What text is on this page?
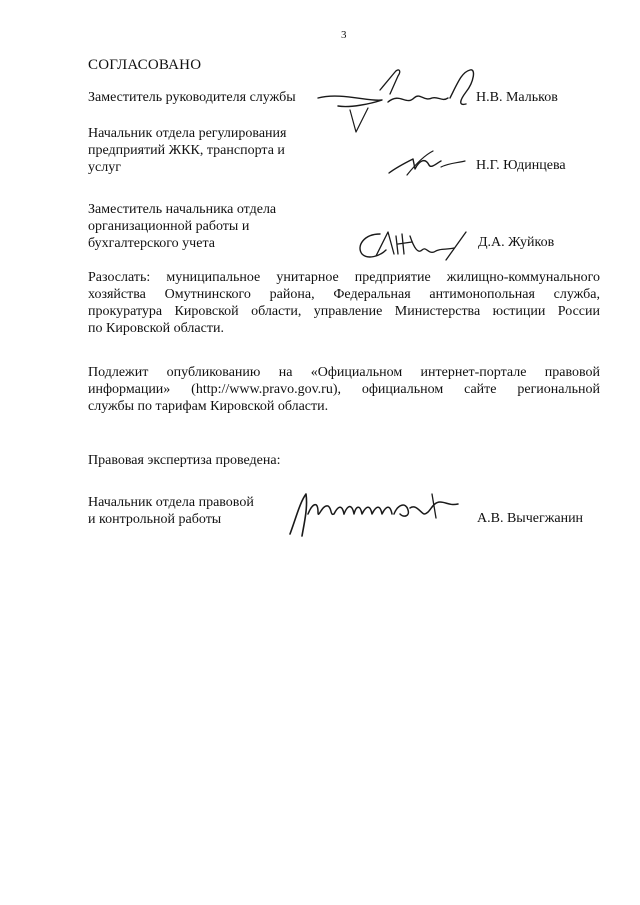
3
СОГЛАСОВАНО
Заместитель руководителя службы	Н.В. Мальков
Начальник отдела регулирования
предприятий ЖКК, транспорта и
услуг	Н.Г. Юдинцева
Заместитель начальника отдела
организационной работы и
бухгалтерского учета	Д.А. Жуйков
Разослать: муниципальное унитарное предприятие жилищно-коммунального
хозяйства Омутнинского района, Федеральная антимонопольная служба,
прокуратура Кировской области, управление Министерства юстиции России
по Кировской области.
Подлежит опубликованию на «Официальном интернет-портале правовой
информации» (http://www.pravo.gov.ru), официальном сайте региональной
службы по тарифам Кировской области.
Правовая экспертиза проведена:
Начальник отдела правовой
и контрольной работы	А.В. Вычегжанин
